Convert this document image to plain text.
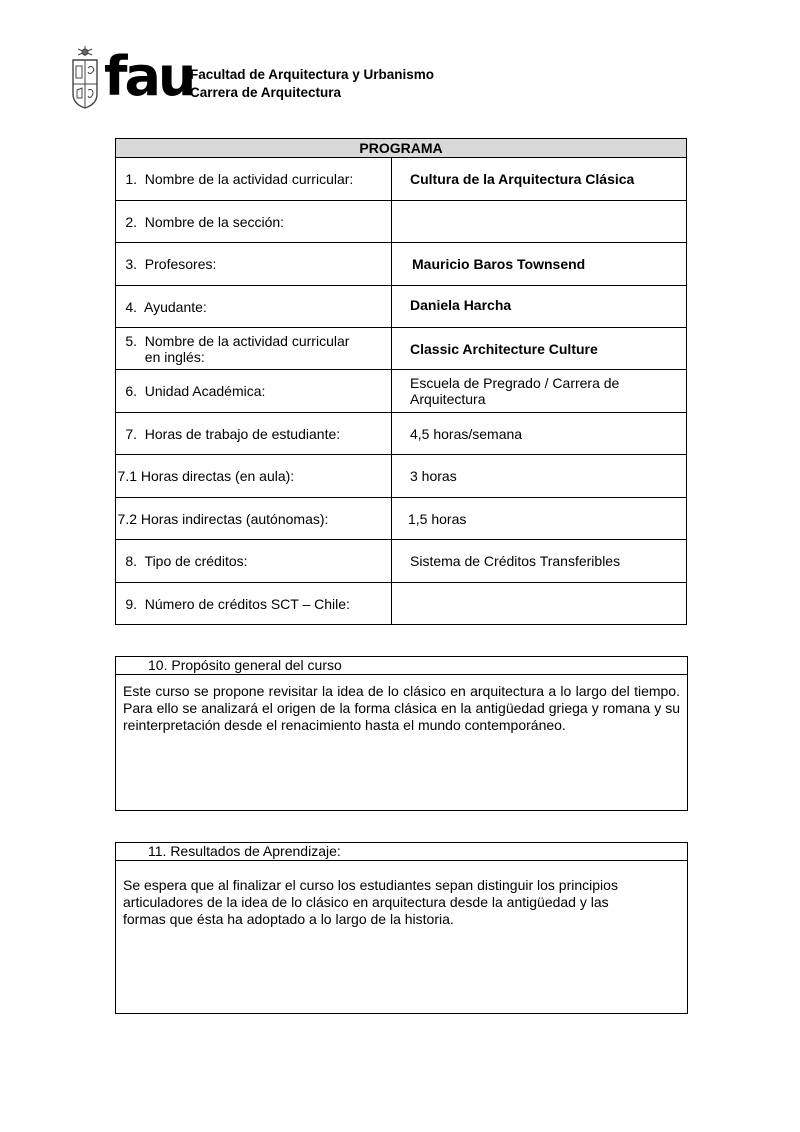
fau
Facultad de Arquitectura y Urbanismo
Carrera de Arquitectura
PROGRAMA	
1. Nombre de la actividad curricular:	Cultura de la Arquitectura Clásica
2. Nombre de la sección:	
3. Profesores:	Mauricio Baros Townsend
4. Ayudante:	Daniela Harcha
5. Nombre de la actividad curricular
en inglés:	Classic Architecture Culture
6. Unidad Académica:	Escuela de Pregrado / Carrera de
Arquitectura
7. Horas de trabajo de estudiante:	4,5 horas/semana
7.1 Horas directas (en aula):	3 horas
7.2 Horas indirectas (autónomas):	1,5 horas
8. Tipo de créditos:	Sistema de Créditos Transferibles
9. Número de créditos SCT – Chile:	
10. Propósito general del curso
Este curso se propone revisitar la idea de lo clásico en arquitectura a lo largo del tiempo. Para ello se analizará el origen de la forma clásica en la antigüedad griega y romana y su reinterpretación desde el renacimiento hasta el mundo contemporáneo.
11. Resultados de Aprendizaje:
Se espera que al finalizar el curso los estudiantes sepan distinguir los principios
articuladores de la idea de lo clásico en arquitectura desde la antigüedad y las
formas que ésta ha adoptado a lo largo de la historia.
